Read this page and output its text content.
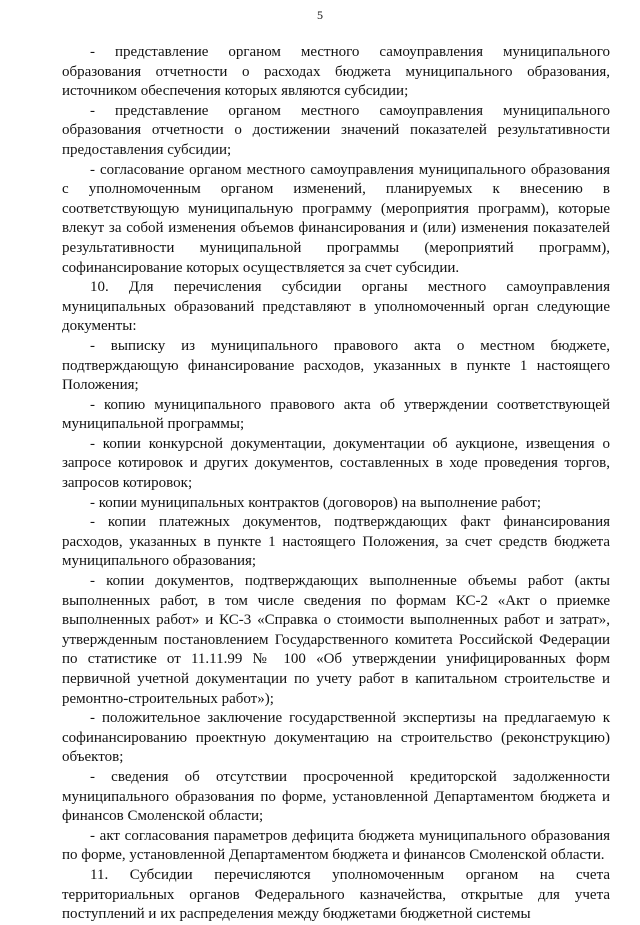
5

- представление органом местного самоуправления муниципального образования отчетности о расходах бюджета муниципального образования, источником обеспечения которых являются субсидии;

- представление органом местного самоуправления муниципального образования отчетности о достижении значений показателей результативности предоставления субсидии;

- согласование органом местного самоуправления муниципального образования с уполномоченным органом изменений, планируемых к внесению в соответствующую муниципальную программу (мероприятия программ), которые влекут за собой изменения объемов финансирования и (или) изменения показателей результативности муниципальной программы (мероприятий программ), софинансирование которых осуществляется за счет субсидии.

10. Для перечисления субсидии органы местного самоуправления муниципальных образований представляют в уполномоченный орган следующие документы:

- выписку из муниципального правового акта о местном бюджете, подтверждающую финансирование расходов, указанных в пункте 1 настоящего Положения;

- копию муниципального правового акта об утверждении соответствующей муниципальной программы;

- копии конкурсной документации, документации об аукционе, извещения о запросе котировок и других документов, составленных в ходе проведения торгов, запросов котировок;

- копии муниципальных контрактов (договоров) на выполнение работ;

- копии платежных документов, подтверждающих факт финансирования расходов, указанных в пункте 1 настоящего Положения, за счет средств бюджета муниципального образования;

- копии документов, подтверждающих выполненные объемы работ (акты выполненных работ, в том числе сведения по формам КС-2 «Акт о приемке выполненных работ» и КС-3 «Справка о стоимости выполненных работ и затрат», утвержденным постановлением Государственного комитета Российской Федерации по статистике от 11.11.99 № 100 «Об утверждении унифицированных форм первичной учетной документации по учету работ в капитальном строительстве и ремонтно-строительных работ»);

- положительное заключение государственной экспертизы на предлагаемую к софинансированию проектную документацию на строительство (реконструкцию) объектов;

- сведения об отсутствии просроченной кредиторской задолженности муниципального образования по форме, установленной Департаментом бюджета и финансов Смоленской области;

- акт согласования параметров дефицита бюджета муниципального образования по форме, установленной Департаментом бюджета и финансов Смоленской области.

11. Субсидии перечисляются уполномоченным органом на счета территориальных органов Федерального казначейства, открытые для учета поступлений и их распределения между бюджетами бюджетной системы
